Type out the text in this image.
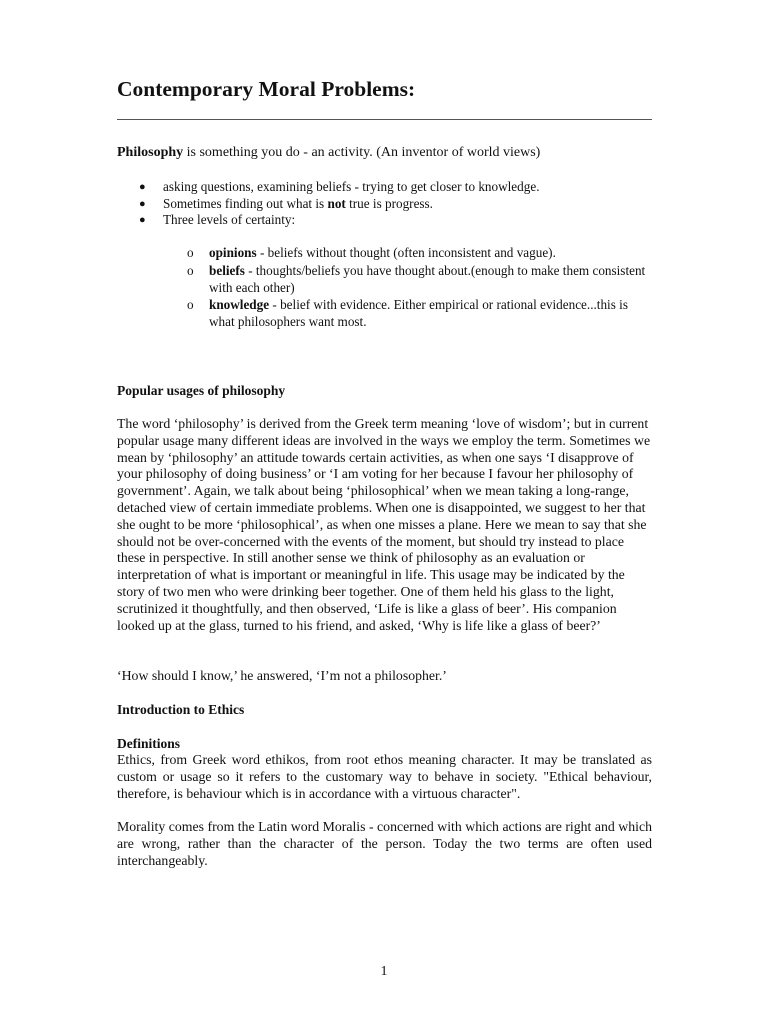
Contemporary Moral Problems:

Philosophy is something you do - an activity. (An inventor of world views)

● asking questions, examining beliefs - trying to get closer to knowledge.
● Sometimes finding out what is not true is progress.
● Three levels of certainty:
o opinions - beliefs without thought (often inconsistent and vague).
o beliefs - thoughts/beliefs you have thought about.(enough to make them consistent with each other)
o knowledge - belief with evidence. Either empirical or rational evidence...this is what philosophers want most.
Popular usages of philosophy

The word ‘philosophy’ is derived from the Greek term meaning ‘love of wisdom’; but in current popular usage many different ideas are involved in the ways we employ the term. Sometimes we mean by ‘philosophy’ an attitude towards certain activities, as when one says ‘I disapprove of your philosophy of doing business’ or ‘I am voting for her because I favour her philosophy of government’. Again, we talk about being ‘philosophical’ when we mean taking a long-range, detached view of certain immediate problems. When one is disappointed, we suggest to her that she ought to be more ‘philosophical’, as when one misses a plane. Here we mean to say that she should not be over-concerned with the events of the moment, but should try instead to place these in perspective. In still another sense we think of philosophy as an evaluation or interpretation of what is important or meaningful in life. This usage may be indicated by the story of two men who were drinking beer together. One of them held his glass to the light, scrutinized it thoughtfully, and then observed, ‘Life is like a glass of beer’. His companion looked up at the glass, turned to his friend, and asked, ‘Why is life like a glass of beer?’

‘How should I know,’ he answered, ‘I’m not a philosopher.’

Introduction to Ethics
Definitions

Ethics, from Greek word ethikos, from root ethos meaning character. It may be translated as custom or usage so it refers to the customary way to behave in society. "Ethical behaviour, therefore, is behaviour which is in accordance with a virtuous character".

Morality comes from the Latin word Moralis - concerned with which actions are right and which are wrong, rather than the character of the person. Today the two terms are often used interchangeably.

1
